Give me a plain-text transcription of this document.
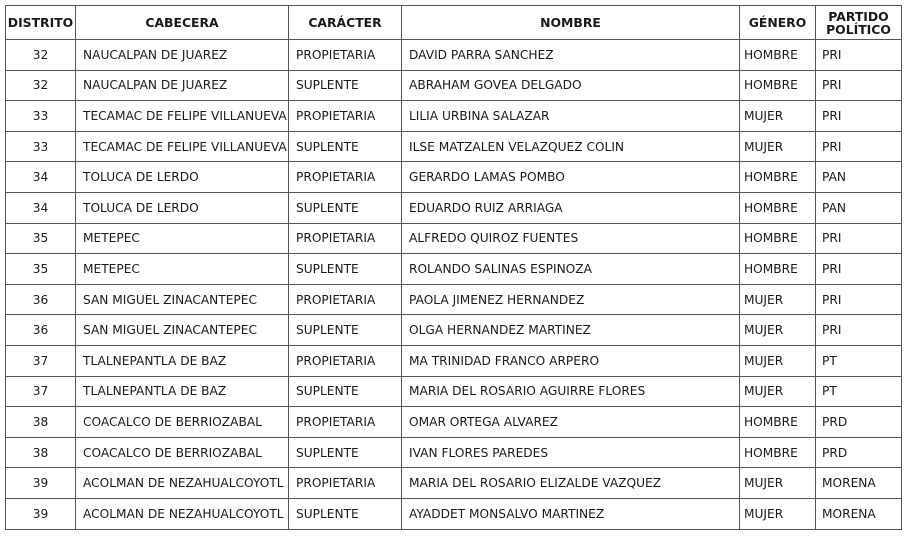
DISTRITO	CABECERA	CARÁCTER	NOMBRE	GÉNERO	PARTIDO
POLÍTICO

32	NAUCALPAN DE JUAREZ	PROPIETARIA	DAVID PARRA SANCHEZ	HOMBRE	PRI
32	NAUCALPAN DE JUAREZ	SUPLENTE	ABRAHAM GOVEA DELGADO	HOMBRE	PRI
33	TECAMAC DE FELIPE VILLANUEVA	PROPIETARIA	LILIA URBINA SALAZAR	MUJER	PRI
33	TECAMAC DE FELIPE VILLANUEVA	SUPLENTE	ILSE MATZALEN VELAZQUEZ COLIN	MUJER	PRI
34	TOLUCA DE LERDO	PROPIETARIA	GERARDO LAMAS POMBO	HOMBRE	PAN
34	TOLUCA DE LERDO	SUPLENTE	EDUARDO RUIZ ARRIAGA	HOMBRE	PAN
35	METEPEC	PROPIETARIA	ALFREDO QUIROZ FUENTES	HOMBRE	PRI
35	METEPEC	SUPLENTE	ROLANDO SALINAS ESPINOZA	HOMBRE	PRI
36	SAN MIGUEL ZINACANTEPEC	PROPIETARIA	PAOLA JIMENEZ HERNANDEZ	MUJER	PRI
36	SAN MIGUEL ZINACANTEPEC	SUPLENTE	OLGA HERNANDEZ MARTINEZ	MUJER	PRI
37	TLALNEPANTLA DE BAZ	PROPIETARIA	MA TRINIDAD FRANCO ARPERO	MUJER	PT
37	TLALNEPANTLA DE BAZ	SUPLENTE	MARIA DEL ROSARIO AGUIRRE FLORES	MUJER	PT
38	COACALCO DE BERRIOZABAL	PROPIETARIA	OMAR ORTEGA ALVAREZ	HOMBRE	PRD
38	COACALCO DE BERRIOZABAL	SUPLENTE	IVAN FLORES PAREDES	HOMBRE	PRD
39	ACOLMAN DE NEZAHUALCOYOTL	PROPIETARIA	MARIA DEL ROSARIO ELIZALDE VAZQUEZ	MUJER	MORENA
39	ACOLMAN DE NEZAHUALCOYOTL	SUPLENTE	AYADDET MONSALVO MARTINEZ	MUJER	MORENA
